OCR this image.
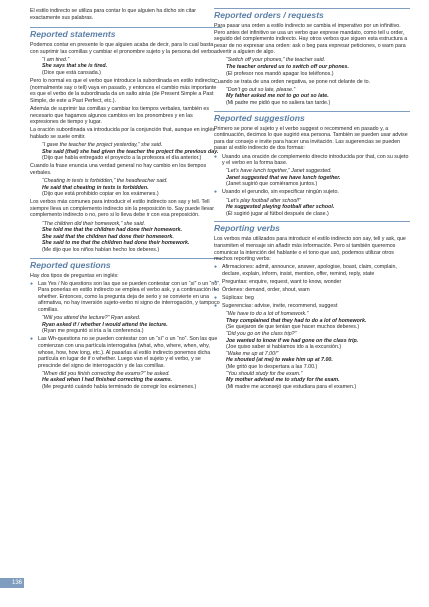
El estilo indirecto se utiliza para contar lo que alguien ha dicho sin citar exactamente sus palabras.

Reported statements

Podemos contar en presente lo que alguien acaba de decir, para lo cual basta con suprimir las comillas y cambiar el pronombre sujeto y la persona del verbo.

“I am tired.”
She says that she is tired.
(Dice que está cansada.)

Pero lo normal es que el verbo que introduce la subordinada en estilo indirecto (normalmente say o tell) vaya en pasado, y entonces el cambio más importante es que el verbo de la subordinada da un salto atrás (de Present Simple a Past Simple, de este a Past Perfect, etc.).

Además de suprimir las comillas y cambiar los tiempos verbales, también es necesario que hagamos algunos cambios en los pronombres y en las expresiones de tiempo y lugar.

La oración subordinada va introducida por la conjunción that, aunque en inglés hablado se suele omitir.

“I gave the teacher the project yesterday,” she said.
She said (that) she had given the teacher the project the previous day.
(Dijo que había entregado el proyecto a la profesora el día anterior.)

Cuando la frase enuncia una verdad general no hay cambio en los tiempos verbales.

“Cheating in tests is forbidden,” the headteacher said.
He said that cheating in tests is forbidden.
(Dijo que está prohibido copiar en los exámenes.)

Los verbos más comunes para introducir el estilo indirecto son say y tell. Tell siempre lleva un complemento indirecto sin la preposición to. Say puede llevar complemento indirecto o no, pero si lo lleva debe ir con esa preposición.

“The children did their homework,” she said.
She told me that the children had done their homework.
She said that the children had done their homework.
She said to me that the children had done their homework.
(Me dijo que los niños habían hecho los deberes.)
Reported questions

Hay dos tipos de preguntas en inglés:

● Las Yes / No questions son las que se pueden contestar con un “sí” o un “no”. Para ponerlas en estilo indirecto se emplea el verbo ask, y a continuación if o whether. Entonces, como la pregunta deja de serlo y se convierte en una afirmativa, no hay inversión sujeto-verbo ni signo de interrogación, y tampoco comillas.
“Will you attend the lecture?” Ryan asked.
Ryan asked if / whether I would attend the lecture.
(Ryan me preguntó si iría a la conferencia.)
● Las Wh-questions no se pueden contestar con un “sí” o un “no”. Son las que comienzan con una partícula interrogativa (what, who, where, when, why, whose, how, how long, etc.). Al pasarlas al estilo indirecto ponemos dicha partícula en lugar de if o whether. Luego van el sujeto y el verbo, y se prescinde del signo de interrogación y de las comillas.
“When did you finish correcting the exams?” he asked.
He asked when I had finished correcting the exams.
(Me preguntó cuándo había terminado de corregir los exámenes.)
Reported orders / requests

Para pasar una orden a estilo indirecto se cambia el imperativo por un infinitivo. Pero antes del infinitivo se usa un verbo que exprese mandato, como tell u order, seguido del complemento indirecto. Hay otros verbos que siguen esta estructura a pesar de no expresar una orden: ask o beg para expresar peticiones, o warn para advertir a alguien de algo.

“Switch off your phones,” the teacher said.
The teacher ordered us to switch off our phones.
(El profesor nos mandó apagar los teléfonos.)

Cuando se trata de una orden negativa, se pone not delante de to.

“Don’t go out so late, please.”
My father asked me not to go out so late.
(Mi padre me pidió que no saliera tan tarde.)
Reported suggestions

Primero se pone el sujeto y el verbo suggest o recommend en pasado y, a continuación, decimos lo que sugirió esa persona. También se pueden usar advise para dar consejo e invite para hacer una invitación. Las sugerencias se pueden pasar al estilo indirecto de dos formas:

● Usando una oración de complemento directo introducida por that, con su sujeto y el verbo en la forma base.
“Let’s have lunch together,” Janet suggested.
Janet suggested that we have lunch together.
(Janet sugirió que comiéramos juntos.)
● Usando el gerundio, sin especificar ningún sujeto.
“Let’s play football after school!”
He suggested playing football after school.
(Él sugirió jugar al fútbol después de clase.)
Reporting verbs

Los verbos más utilizados para introducir el estilo indirecto son say, tell y ask, que transmiten el mensaje sin añadir más información. Pero si también queremos comunicar la intención del hablante o el tono que usó, podemos utilizar otros muchos reporting verbs:

● Afirmaciones: admit, announce, answer, apologise, boast, claim, complain, declare, explain, inform, insist, mention, offer, remind, reply, state
● Preguntas: enquire, request, want to know, wonder
● Órdenes: demand, order, shout, warn
● Súplicas: beg
● Sugerencias: advise, invite, recommend, suggest
“We have to do a lot of homework.”
They complained that they had to do a lot of homework.
(Se quejaron de que tenían que hacer muchos deberes.)
“Did you go on the class trip?”
Joe wanted to know if we had gone on the class trip.
(Joe quiso saber si habíamos ido a la excursión.)
“Wake me up at 7.00!”
He shouted (at me) to wake him up at 7.00.
(Me gritó que lo despertara a las 7.00.)
“You should study for the exam.”
My mother advised me to study for the exam.
(Mi madre me aconsejó que estudiara para el examen.)
136
